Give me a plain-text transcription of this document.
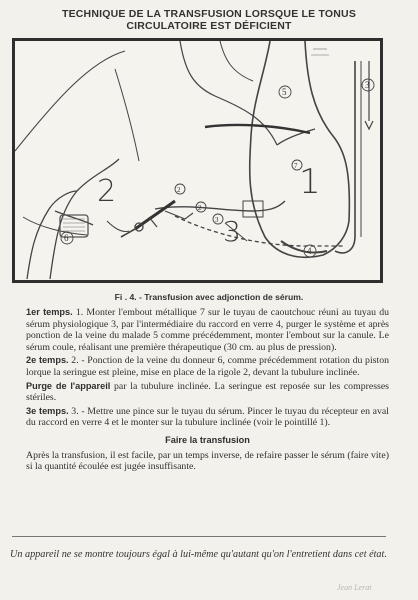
TECHNIQUE DE LA TRANSFUSION LORSQUE LE TONUS
CIRCULATOIRE EST DÉFICIENT
5
3
2
2
3
4
6
7
2	1
3
Fi . 4. - Transfusion avec adjonction de sérum.

1er temps. 1. Monter l'embout métallique 7 sur le tuyau de caoutchouc réuni au tuyau du sérum physiologique 3, par l'intermédiaire du raccord en verre 4, purger le système et après ponction de la veine du malade 5 comme précédemment, monter l'embout sur la canule. Le sérum coule, réalisant une première thérapeutique (30 cm. au plus de pression).

2e temps. 2. - Ponction de la veine du donneur 6, comme précédemment rotation du piston lorque la seringue est pleine, mise en place de la rigole 2, devant la tubulure inclinée.

Purge de l'appareil par la tubulure inclinée. La seringue est reposée sur les compresses stériles.

3e temps. 3. - Mettre une pince sur le tuyau du sérum. Pincer le tuyau du récepteur en aval du raccord en verre 4 et le monter sur la tubulure inclinée (voir le pointillé 1).

Faire la transfusion

Après la transfusion, il est facile, par un temps inverse, de refaire passer le sérum (faire vite) si la quantité écoulée est jugée insuffisante.

Un appareil ne se montre toujours égal à lui-même qu'autant qu'on l'entretient dans cet état.
Jean Lerat
